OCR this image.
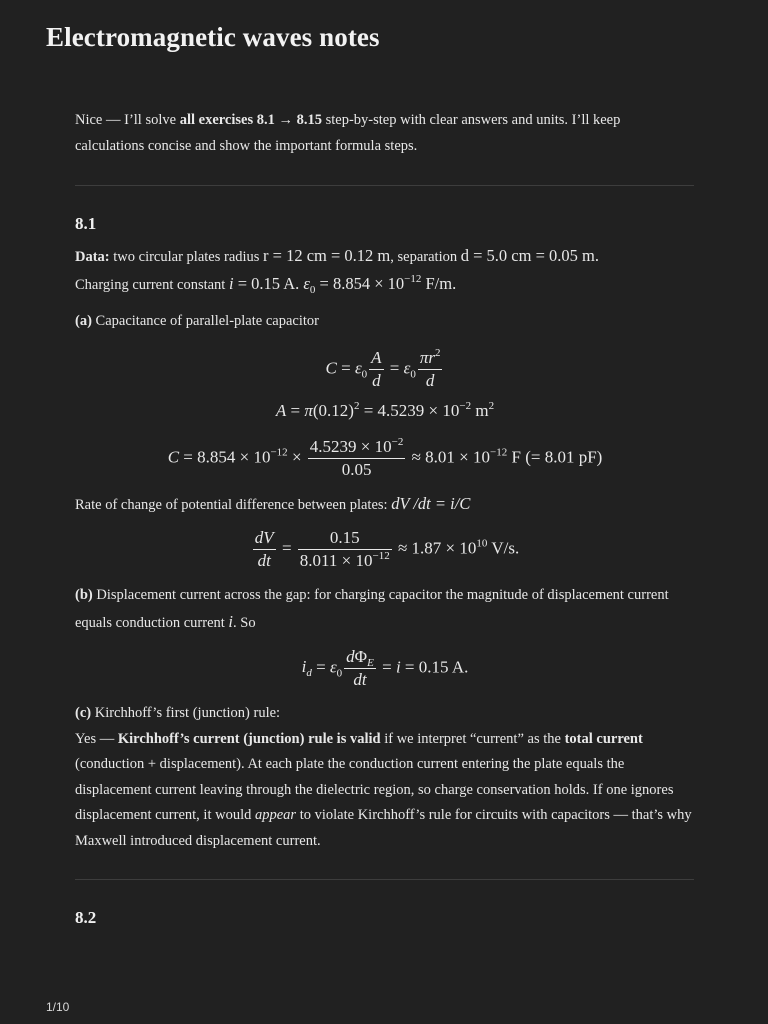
Electromagnetic waves notes

Nice — I’ll solve all exercises 8.1 → 8.15 step-by-step with clear answers and units. I’ll keep calculations concise and show the important formula steps.

8.1

Data: two circular plates radius r = 12 cm = 0.12 m, separation d = 5.0 cm = 0.05 m.
Charging current constant i = 0.15 A. $\varepsilon_0 = 8.854 \times 10^{-12}$ F/m.

(a) Capacitance of parallel-plate capacitor

$C = \varepsilon_0 \frac{A}{d} = \varepsilon_0 \frac{\pi r^2}{d}$
$A = \pi(0.12)^2 = 4.5239 \times 10^{-2}$ $m^2$
$C = 8.854 \times 10^{-12} \times \frac{4.5239 \times 10^{-2}}{0.05} \approx 8.01 \times 10^{-12}$ F (= 8.01 pF)

Rate of change of potential difference between plates: dV /dt = i/C

$\frac{dV}{dt} = \frac{0.15}{8.011 \times 10^{-12}} \approx 1.87 \times 10^{10}$ V/s.

(b) Displacement current across the gap: for charging capacitor the magnitude of displacement current equals conduction current i. So

$i_d = \varepsilon_0 \frac{d\Phi_E}{dt} = i = 0.15$ A.

(c) Kirchhoff’s first (junction) rule:
Yes — Kirchhoff’s current (junction) rule is valid if we interpret “current” as the total current (conduction + displacement). At each plate the conduction current entering the plate equals the displacement current leaving through the dielectric region, so charge conservation holds. If one ignores displacement current, it would appear to violate Kirchhoff’s rule for circuits with capacitors — that’s why Maxwell introduced displacement current.

8.2
1/10
